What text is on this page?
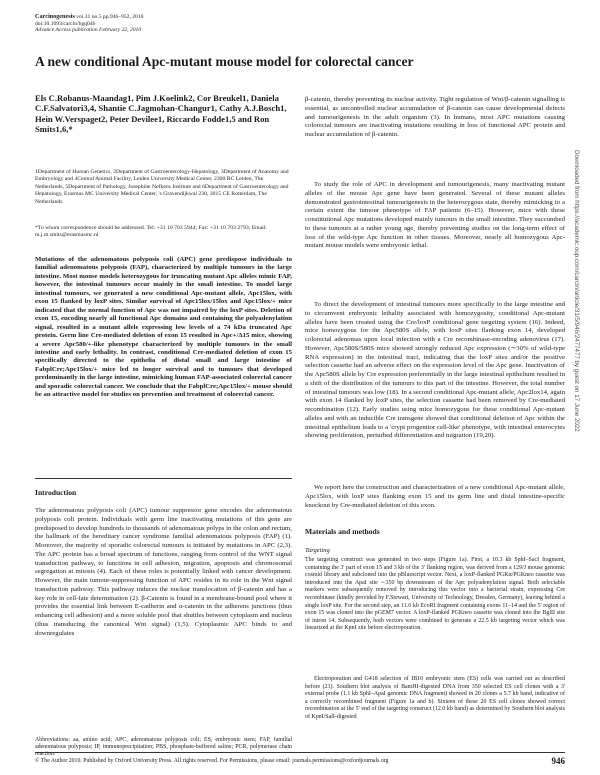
Carcinogenesis vol.31 no.5 pp.946–952, 2010
doi:10.1093/carcin/bgq046
Advance Access publication February 22, 2010
A new conditional Apc-mutant mouse model for colorectal cancer
Els C.Robanus-Maandag1, Pim J.Koelink2, Cor Breukel1, Daniela C.F.Salvatori3,4, Shantie C.Jagmohan-Changur1, Cathy A.J.Bosch1, Hein W.Verspaget2, Peter Devilee1, Riccardo Fodde1,5 and Ron Smits1,6,*
1Department of Human Genetics, 2Department of Gastroenterology-Hepatology, 3Department of Anatomy and Embryology and 4Central Animal Facility, Leiden University Medical Center, 2300 RC Leiden, The Netherlands, 5Department of Pathology, Josephine Nefkens Institute and 6Department of Gastroenterology and Hepatology, Erasmus MC University Medical Center, 's Gravendijkwal 230, 3015 CE Rotterdam, The Netherlands
*To whom correspondence should be addressed. Tel: +31 10 703 5944; Fax: +31 10 703 2793; Email: m.j.m.smits@erasmusmc.nl
Mutations of the adenomatous polyposis coli (APC) gene predispose individuals to familial adenomatous polyposis (FAP), characterized by multiple tumours in the large intestine. Most mouse models heterozygous for truncating mutant Apc alleles mimic FAP, however, the intestinal tumours occur mainly in the small intestine. To model large intestinal tumours, we generated a new conditional Apc-mutant allele, Apc15lox, with exon 15 flanked by loxP sites. Similar survival of Apc15lox/15lox and Apc15lox/+ mice indicated that the normal function of Apc was not impaired by the loxP sites. Deletion of exon 15, encoding nearly all functional Apc domains and containing the polyadenylation signal, resulted in a mutant allele expressing low levels of a 74 kDa truncated Apc protein. Germ line Cre-mediated deletion of exon 15 resulted in Apc+/Δ15 mice, showing a severe Apc580/+-like phenotype characterized by multiple tumours in the small intestine and early lethality. In contrast, conditional Cre-mediated deletion of exon 15 specifically directed to the epithelia of distal small and large intestine of FabplCre;Apc15lox/+ mice led to longer survival and to tumours that developed predominantly in the large intestine, mimicking human FAP-associated colorectal cancer and sporadic colorectal cancer. We conclude that the FabplCre;Apc15lox/+ mouse should be an attractive model for studies on prevention and treatment of colorectal cancer.
Introduction
The adenomatous polyposis coli (APC) tumour suppressor gene encodes the adenomatous polyposis coli protein. Individuals with germ line inactivating mutations of this gene are predisposed to develop hundreds to thousands of adenomatous polyps in the colon and rectum, the hallmark of the hereditary cancer syndrome familial adenomatous polyposis (FAP) (1). Moreover, the majority of sporadic colorectal tumours is initiated by mutations in APC (2,3). The APC protein has a broad spectrum of functions, ranging from control of the WNT signal transduction pathway, to functions in cell adhesion, migration, apoptosis and chromosomal segregation at mitosis (4). Each of these roles is potentially linked with cancer development. However, the main tumour-suppressing function of APC resides in its role in the Wnt signal transduction pathway. This pathway induces the nuclear translocation of β-catenin and has a key role in cell-fate determination (2). β-Catenin is found in a membrane-bound pool where it provides the essential link between E-cadherin and α-catenin in the adherens junctions (thus enhancing cell adhesion) and a more soluble pool that shuttles between cytoplasm and nucleus (thus transducing the canonical Wnt signal) (1,5). Cytoplasmic APC binds to and downregulates
Abbreviations: aa, amino acid; APC, adenomatous polyposis coli; ES, embryonic stem; FAP, familial adenomatous polyposis; IP, immunoprecipitation; PBS, phosphate-buffered saline; PCR, polymerase chain reaction.
β-catenin, thereby preventing its nuclear activity. Tight regulation of Wnt/β-catenin signalling is essential, as uncontrolled nuclear accumulation of β-catenin can cause developmental defects and tumourigenesis in the adult organism (3). In humans, most APC mutations causing colorectal tumours are inactivating mutations resulting in loss of functional APC protein and nuclear accumulation of β-catenin.
To study the role of APC in development and tumourigenesis, many inactivating mutant alleles of the mouse Apc gene have been generated. Several of these mutant alleles demonstrated gastrointestinal tumourigenesis in the heterozygous state, thereby mimicking to a certain extent the tumour phenotype of FAP patients (6–15). However, mice with these constitutional Apc mutations developed mainly tumours in the small intestine. They succumbed to these tumours at a rather young age, thereby preventing studies on the long-term effect of loss of the wild-type Apc function in other tissues. Moreover, nearly all homozygous Apc-mutant mouse models were embryonic lethal.
To direct the development of intestinal tumours more specifically to the large intestine and to circumvent embryonic lethality associated with homozygosity, conditional Apc-mutant alleles have been created using the Cre/loxP conditional gene targeting system (16). Indeed, mice homozygous for the Apc580S allele, with loxP sites flanking exon 14, developed colorectal adenomas upon local infection with a Cre recombinase-encoding adenovirus (17). However, Apc580S/580S mice showed strongly reduced Apc expression (∼30% of wild-type RNA expression) in the intestinal tract, indicating that the loxP sites and/or the positive selection cassette had an adverse effect on the expression level of the Apc gene. Inactivation of the Apc580S allele by Cre expression preferentially in the large intestinal epithelium resulted in a shift of the distribution of the tumours to this part of the intestine. However, the total number of intestinal tumours was low (18). In a second conditional Apc-mutant allele, Apc2lox14, again with exon 14 flanked by loxP sites, the selection cassette had been removed by Cre-mediated recombination (12). Early studies using mice homozygous for these conditional Apc-mutant alleles and with an inducible Cre transgene showed that conditional deletion of Apc within the intestinal epithelium leads to a 'crypt progenitor cell-like' phenotype, with intestinal enterocytes showing proliferation, perturbed differentiation and migration (19,20).
We report here the construction and characterization of a new conditional Apc-mutant allele, Apc15lox, with loxP sites flanking exon 15 and its germ line and distal intestine-specific knockout by Cre-mediated deletion of this exon.
Materials and methods
Targeting
The targeting construct was generated in two steps (Figure 1a). First, a 10.3 kb SphI–SacI fragment, containing the 3' part of exon 15 and 3 kb of the 3' flanking region, was derived from a 129/J mouse genomic cosmid library and subcloned into the pBluescript vector. Next, a loxP-flanked PGKα/PGKneo cassette was introduced into the ApaI site ∼350 bp downstream of the Apc polyadenylation signal. Both selectable markers were subsequently removed by introducing this vector into a bacterial strain, expressing Cre recombinase (kindly provided by F.Stewart, University of Technology, Dresden, Germany), leaving behind a single loxP site. For the second step, an 11.6 kb EcoRI fragment containing exons 11–14 and the 5' region of exon 15 was cloned into the pGEM7 vector. A loxP-flanked PGKneo cassette was cloned into the BglII site of intron 14. Subsequently, both vectors were combined to generate a 22.5 kb targeting vector which was linearized at the KpnI site before electroporation.
Electroporation and G418 selection of IB10 embryonic stem (ES) cells was carried out as described before (21). Southern blot analysis of BamHI-digested DNA from 350 selected ES cell clones with a 3' external probe (1.1 kb SphI–ApaI genomic DNA fragment) showed in 20 clones a 5.7 kb band, indicative of a correctly recombined fragment (Figure 1a and b). Sixteen of these 20 ES cell clones showed correct recombination at the 5' end of the targeting construct (12.0 kb band) as determined by Southern blot analysis of KpnI/SalI-digested
© The Author 2010. Published by Oxford University Press. All rights reserved. For Permissions, please email: journals.permissions@oxfordjournals.org	946
Downloaded from https://academic.oup.com/carcin/article/31/5/946/2477477 by guest on 17 June 2022
